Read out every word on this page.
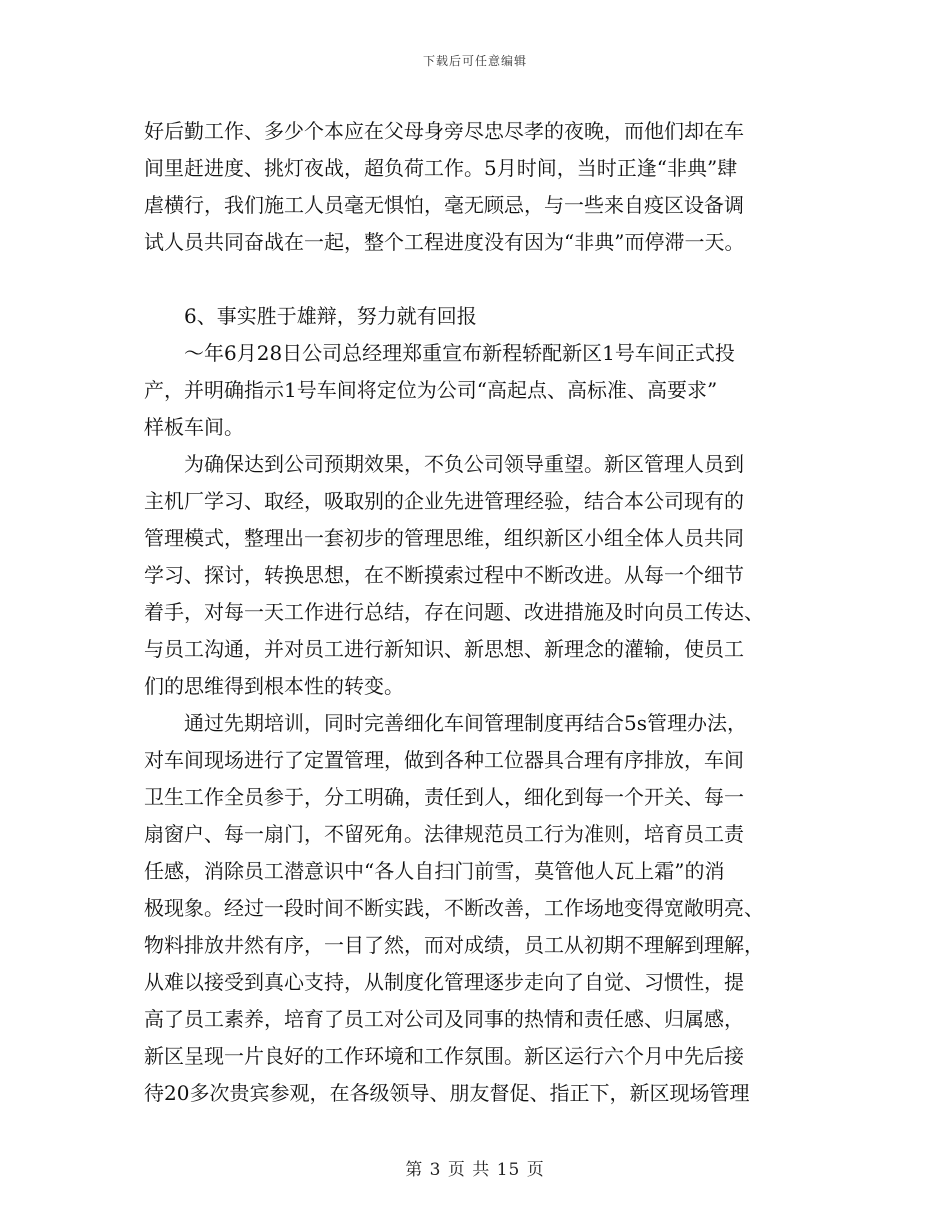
下载后可任意编辑
好后勤工作、多少个本应在父母身旁尽忠尽孝的夜晚，而他们却在车
间里赶进度、挑灯夜战，超负荷工作。5月时间，当时正逢“非典”肆
虐横行，我们施工人员毫无惧怕，毫无顾忌，与一些来自疫区设备调
试人员共同奋战在一起，整个工程进度没有因为“非典”而停滞一天。
　　6、事实胜于雄辩，努力就有回报
　　～年6月28日公司总经理郑重宣布新程轿配新区1号车间正式投
产，并明确指示1号车间将定位为公司“高起点、高标准、高要求”
样板车间。
　　为确保达到公司预期效果，不负公司领导重望。新区管理人员到
主机厂学习、取经，吸取别的企业先进管理经验，结合本公司现有的
管理模式，整理出一套初步的管理思维，组织新区小组全体人员共同
学习、探讨，转换思想，在不断摸索过程中不断改进。从每一个细节
着手，对每一天工作进行总结，存在问题、改进措施及时向员工传达、
与员工沟通，并对员工进行新知识、新思想、新理念的灌输，使员工
们的思维得到根本性的转变。
　　通过先期培训，同时完善细化车间管理制度再结合5s管理办法，
对车间现场进行了定置管理，做到各种工位器具合理有序排放，车间
卫生工作全员参于，分工明确，责任到人，细化到每一个开关、每一
扇窗户、每一扇门，不留死角。法律规范员工行为准则，培育员工责
任感，消除员工潜意识中“各人自扫门前雪，莫管他人瓦上霜”的消
极现象。经过一段时间不断实践，不断改善，工作场地变得宽敞明亮、
物料排放井然有序，一目了然，而对成绩，员工从初期不理解到理解，
从难以接受到真心支持，从制度化管理逐步走向了自觉、习惯性，提
高了员工素养，培育了员工对公司及同事的热情和责任感、归属感，
新区呈现一片良好的工作环境和工作氛围。新区运行六个月中先后接
待20多次贵宾参观，在各级领导、朋友督促、指正下，新区现场管理
第 3 页 共 15 页
